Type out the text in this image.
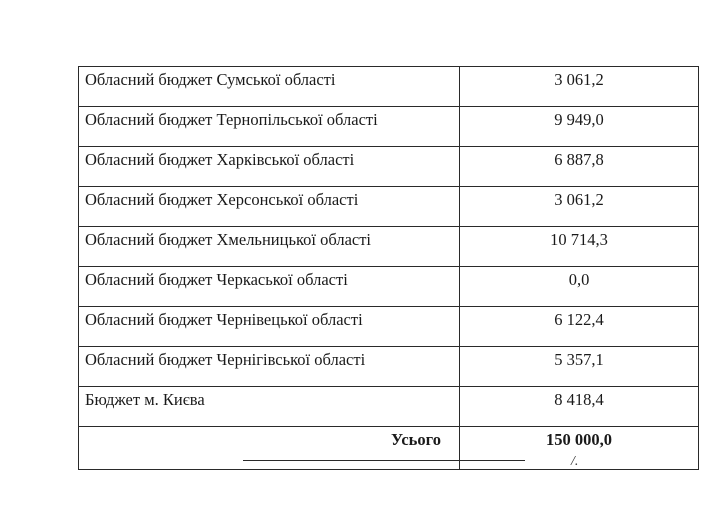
Обласний бюджет Сумської області	3 061,2
Обласний бюджет Тернопільської області	9 949,0
Обласний бюджет Харківської області	6 887,8
Обласний бюджет Херсонської області	3 061,2
Обласний бюджет Хмельницької області	10 714,3
Обласний бюджет Черкаської області	0,0
Обласний бюджет Чернівецької області	6 122,4
Обласний бюджет Чернігівської області	5 357,1
Бюджет м. Києва	8 418,4
Усього	150 000,0
/.
